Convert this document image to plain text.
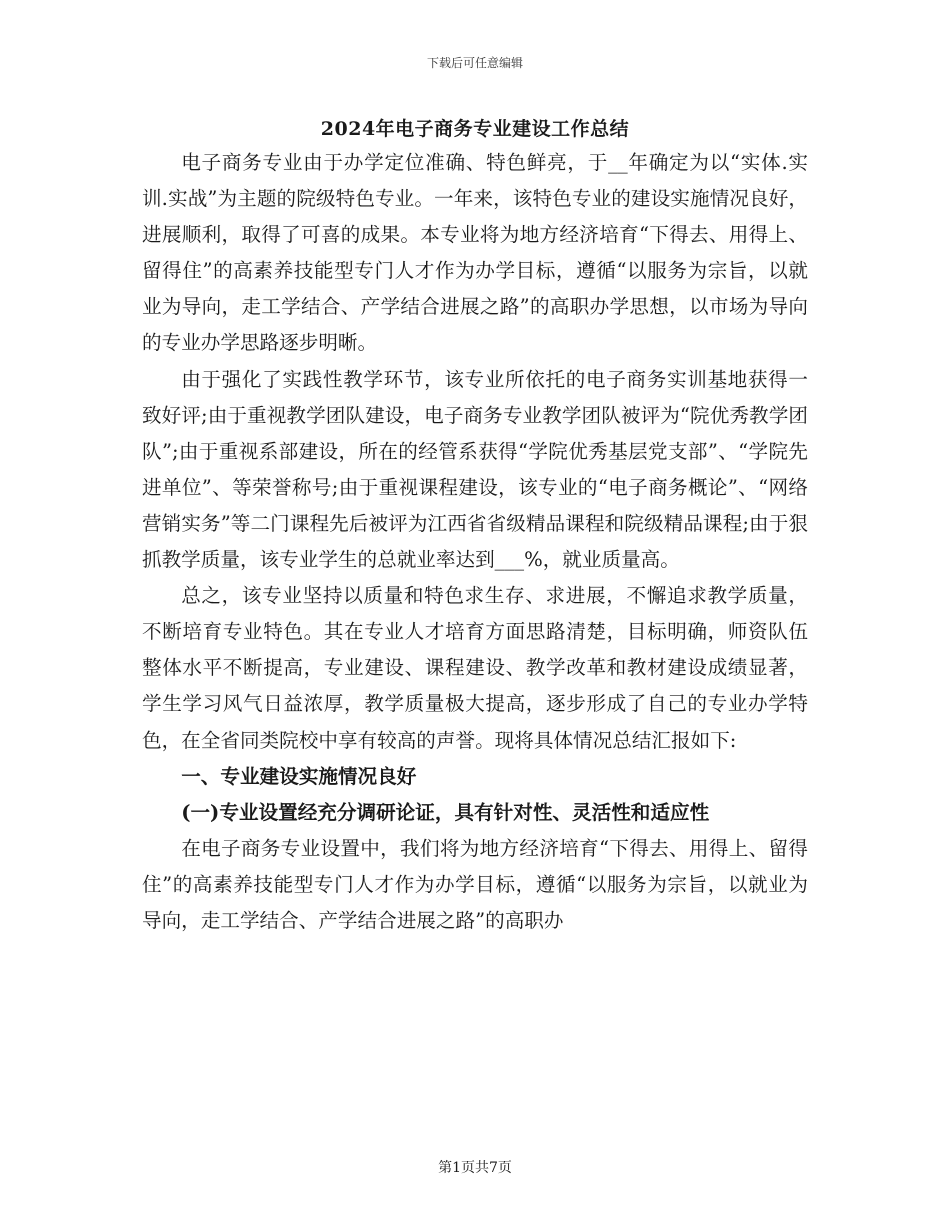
下载后可任意编辑
2024年电子商务专业建设工作总结

电子商务专业由于办学定位准确、特色鲜亮，于__年确定为以“实体.实训.实战”为主题的院级特色专业。一年来，该特色专业的建设实施情况良好，进展顺利，取得了可喜的成果。本专业将为地方经济培育“下得去、用得上、留得住”的高素养技能型专门人才作为办学目标，遵循“以服务为宗旨，以就业为导向，走工学结合、产学结合进展之路”的高职办学思想，以市场为导向的专业办学思路逐步明晰。

由于强化了实践性教学环节，该专业所依托的电子商务实训基地获得一致好评;由于重视教学团队建设，电子商务专业教学团队被评为“院优秀教学团队”;由于重视系部建设，所在的经管系获得“学院优秀基层党支部”、“学院先进单位”、等荣誉称号;由于重视课程建设，该专业的“电子商务概论”、“网络营销实务”等二门课程先后被评为江西省省级精品课程和院级精品课程;由于狠抓教学质量，该专业学生的总就业率达到___%，就业质量高。

总之，该专业坚持以质量和特色求生存、求进展，不懈追求教学质量，不断培育专业特色。其在专业人才培育方面思路清楚，目标明确，师资队伍整体水平不断提高，专业建设、课程建设、教学改革和教材建设成绩显著，学生学习风气日益浓厚，教学质量极大提高，逐步形成了自己的专业办学特色，在全省同类院校中享有较高的声誉。现将具体情况总结汇报如下:

一、专业建设实施情况良好

(一)专业设置经充分调研论证，具有针对性、灵活性和适应性

在电子商务专业设置中，我们将为地方经济培育“下得去、用得上、留得住”的高素养技能型专门人才作为办学目标，遵循“以服务为宗旨，以就业为导向，走工学结合、产学结合进展之路”的高职办

第1页共7页
